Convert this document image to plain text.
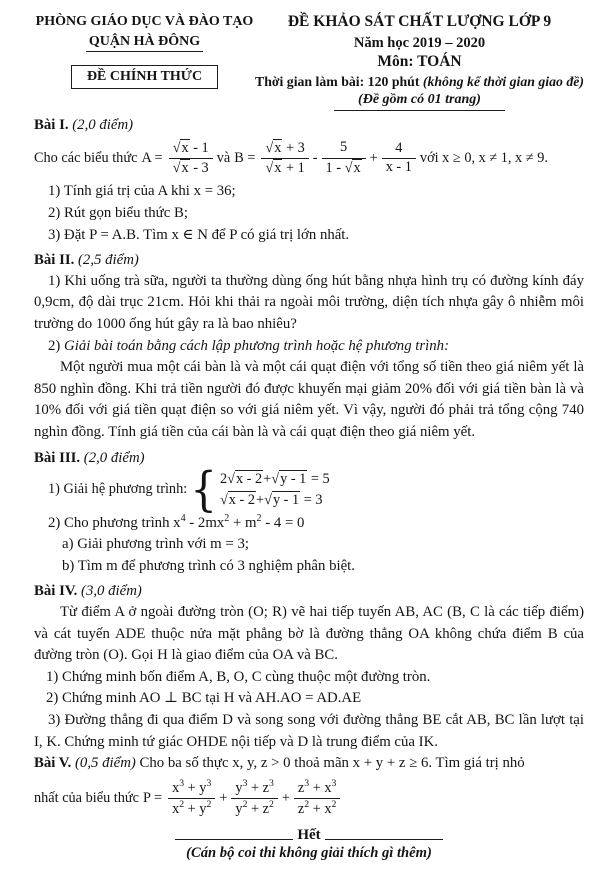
PHÒNG GIÁO DỤC VÀ ĐÀO TẠO
QUẬN HÀ ĐÔNG
ĐỀ CHÍNH THỨC
ĐỀ KHẢO SÁT CHẤT LƯỢNG LỚP 9
Năm học 2019 – 2020
Môn: TOÁN
Thời gian làm bài: 120 phút (không kể thời gian giao đề)
(Đề gồm có 01 trang)
Bài I. (2,0 điểm)
Cho các biểu thức $A = \frac{√x - 1}{√x - 3}$ và $B = \frac{√x + 3}{√x + 1} - \frac{5}{1 - √x} + \frac{4}{x - 1}$ với x ≥ 0, x ≠ 1, x ≠ 9.
1) Tính giá trị của A khi x = 36;
2) Rút gọn biểu thức B;
3) Đặt P = A.B. Tìm x ∈ N để P có giá trị lớn nhất.
Bài II. (2,5 điểm)

1) Khi uống trà sữa, người ta thường dùng ống hút bằng nhựa hình trụ có đường kính đáy 0,9cm, độ dài trục 21cm. Hỏi khi thải ra ngoài môi trường, diện tích nhựa gây ô nhiễm môi trường do 1000 ống hút gây ra là bao nhiêu?

2) Giải bài toán bằng cách lập phương trình hoặc hệ phương trình:

Một người mua một cái bàn là và một cái quạt điện với tổng số tiền theo giá niêm yết là 850 nghìn đồng. Khi trả tiền người đó được khuyến mại giảm 20% đối với giá tiền bàn là và 10% đối với giá tiền quạt điện so với giá niêm yết. Vì vậy, người đó phải trả tổng cộng 740 nghìn đồng. Tính giá tiền của cái bàn là và cái quạt điện theo giá niêm yết.

Bài III. (2,0 điểm)
1) Giải hệ phương trình: { 2√x - 2+√y - 1 = 5
√x - 2+√y - 1 = 3
2) Cho phương trình $x^4 - 2mx^2 + m^2 - 4 = 0$
a) Giải phương trình với m = 3;
b) Tìm m để phương trình có 3 nghiệm phân biệt.
Bài IV. (3,0 điểm)

Từ điểm A ở ngoài đường tròn (O; R) vẽ hai tiếp tuyến AB, AC (B, C là các tiếp điểm) và cát tuyến ADE thuộc nửa mặt phẳng bờ là đường thẳng OA không chứa điểm B của đường tròn (O). Gọi H là giao điểm của OA và BC.

1) Chứng minh bốn điểm A, B, O, C cùng thuộc một đường tròn.
2) Chứng minh AO ⊥ BC tại H và AH.AO = AD.AE

3) Đường thẳng đi qua điểm D và song song với đường thẳng BE cắt AB, BC lần lượt tại I, K. Chứng minh tứ giác OHDE nội tiếp và D là trung điểm của IK.

Bài V. (0,5 điểm) Cho ba số thực x, y, z > 0 thoả mãn x + y + z ≥ 6. Tìm giá trị nhỏ

nhất của biểu thức $P = \frac{x^3 + y^3}{x^2 + y^2} + \frac{y^3 + z^3}{y^2 + z^2} + \frac{z^3 + x^3}{z^2 + x^2}$
Hết
(Cán bộ coi thi không giải thích gì thêm)
